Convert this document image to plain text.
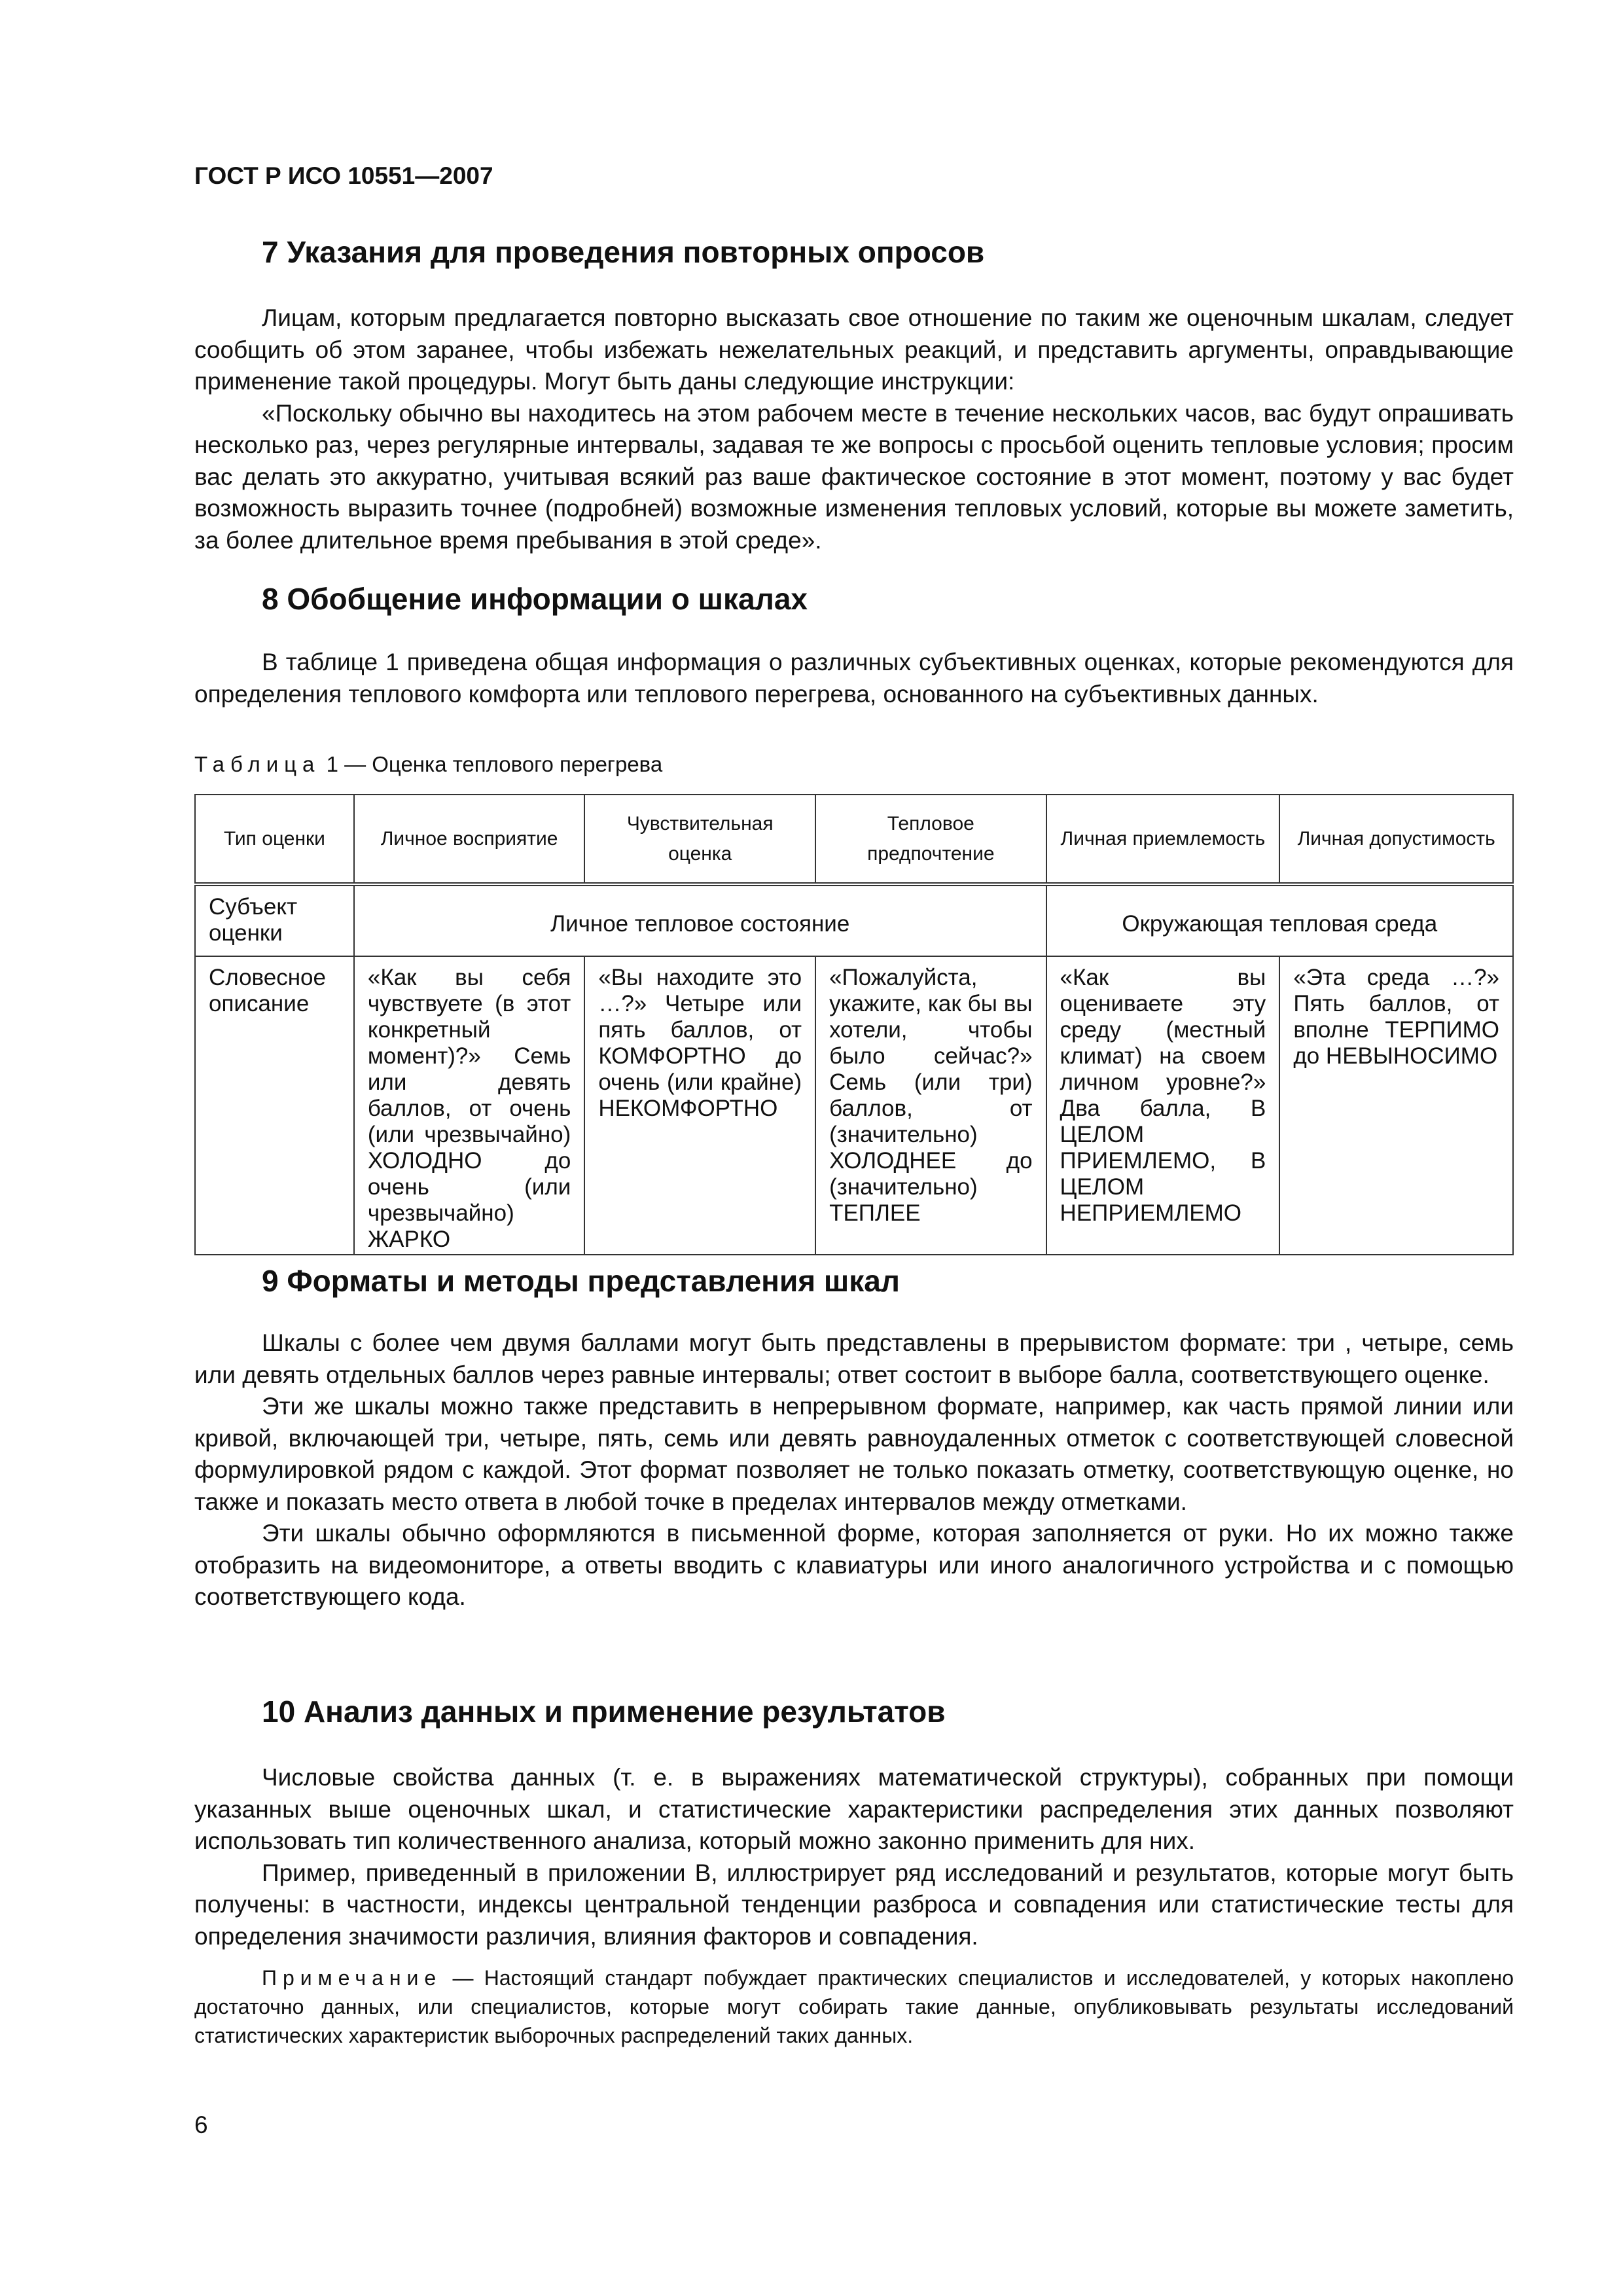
ГОСТ Р ИСО 10551—2007
7 Указания для проведения повторных опросов

Лицам, которым предлагается повторно высказать свое отношение по таким же оценочным шкалам, следует сообщить об этом заранее, чтобы избежать нежелательных реакций, и представить аргументы, оправдывающие применение такой процедуры. Могут быть даны следующие инструкции:

«Поскольку обычно вы находитесь на этом рабочем месте в течение нескольких часов, вас будут опрашивать несколько раз, через регулярные интервалы, задавая те же вопросы с просьбой оценить тепловые условия; просим вас делать это аккуратно, учитывая всякий раз ваше фактическое состояние в этот момент, поэтому у вас будет возможность выразить точнее (подробней) возможные изменения тепловых условий, которые вы можете заметить, за более длительное время пребывания в этой среде».

8 Обобщение информации о шкалах

В таблице 1 приведена общая информация о различных субъективных оценках, которые рекомендуются для определения теплового комфорта или теплового перегрева, основанного на субъективных данных.

Таблица 1 — Оценка теплового перегрева
Тип оценки	Личное восприятие	Чувствительная оценка	Тепловое предпочтение	Личная приемлемость	Личная допустимость
Субъект оценки	Личное тепловое состояние			Окружающая тепловая среда	
Словесное описание	«Как вы себя чувствуете (в этот конкретный момент)?» Семь или девять баллов, от очень (или чрезвычайно) ХОЛОДНО до очень (или чрезвычайно) ЖАРКО	«Вы находите это …?» Четыре или пять баллов, от КОМФОРТНО до очень (или крайне) НЕКОМФОРТНО	«Пожалуйста, укажите, как бы вы хотели, чтобы было сейчас?» Семь (или три) баллов, от (значительно) ХОЛОДНЕЕ до (значительно) ТЕПЛЕЕ	«Как вы оцениваете эту среду (местный климат) на своем личном уровне?» Два балла, В ЦЕЛОМ ПРИЕМЛЕМО, В ЦЕЛОМ НЕПРИЕМЛЕМО	«Эта среда …?» Пять баллов, от вполне ТЕРПИМО до НЕВЫНОСИМО
9 Форматы и методы представления шкал

Шкалы с более чем двумя баллами могут быть представлены в прерывистом формате: три , четыре, семь или девять отдельных баллов через равные интервалы; ответ состоит в выборе балла, соответствующего оценке.

Эти же шкалы можно также представить в непрерывном формате, например, как часть прямой линии или кривой, включающей три, четыре, пять, семь или девять равноудаленных отметок с соответствующей словесной формулировкой рядом с каждой. Этот формат позволяет не только показать отметку, соответствующую оценке, но также и показать место ответа в любой точке в пределах интервалов между отметками.

Эти шкалы обычно оформляются в письменной форме, которая заполняется от руки. Но их можно также отобразить на видеомониторе, а ответы вводить с клавиатуры или иного аналогичного устройства и с помощью соответствующего кода.

10 Анализ данных и применение результатов

Числовые свойства данных (т. е. в выражениях математической структуры), собранных при помощи указанных выше оценочных шкал, и статистические характеристики распределения этих данных позволяют использовать тип количественного анализа, который можно законно применить для них.

Пример, приведенный в приложении В, иллюстрирует ряд исследований и результатов, которые могут быть получены: в частности, индексы центральной тенденции разброса и совпадения или статистические тесты для определения значимости различия, влияния факторов и совпадения.

Примечание — Настоящий стандарт побуждает практических специалистов и исследователей, у которых накоплено достаточно данных, или специалистов, которые могут собирать такие данные, опубликовывать результаты исследований статистических характеристик выборочных распределений таких данных.

6
